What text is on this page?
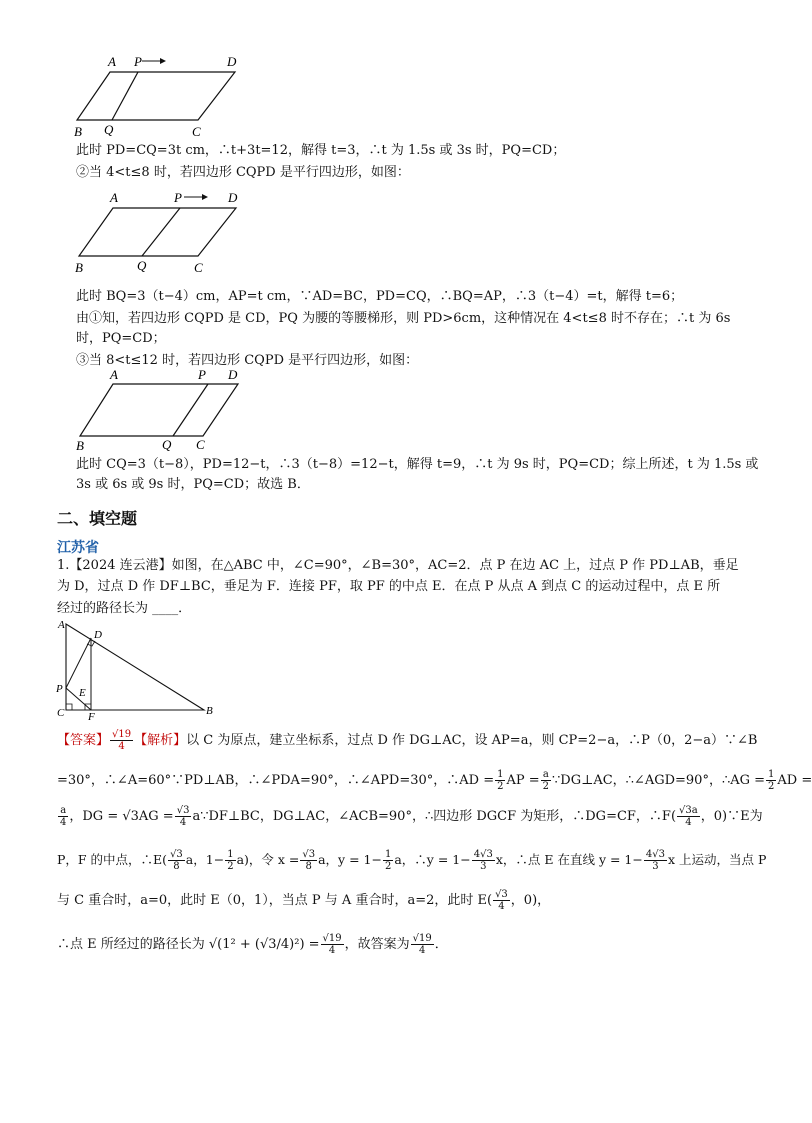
A P	D
B Q	C
此时 PD=CQ=3t cm，∴t+3t=12，解得 t=3，∴t 为 1.5s 或 3s 时，PQ=CD；
②当 4<t≤8 时，若四边形 CQPD 是平行四边形，如图：
A	P	D
B	Q	C
此时 BQ=3（t−4）cm，AP=t cm，∵AD=BC，PD=CQ，∴BQ=AP，∴3（t−4）=t，解得 t=6；
由①知，若四边形 CQPD 是 CD，PQ 为腰的等腰梯形，则 PD>6cm，这种情况在 4<t≤8 时不存在；∴t 为 6s
时，PQ=CD；
③当 8<t≤12 时，若四边形 CQPD 是平行四边形，如图：
A	P D
B	Q C
此时 CQ=3（t−8），PD=12−t，∴3（t−8）=12−t，解得 t=9，∴t 为 9s 时，PQ=CD；综上所述，t 为 1.5s 或
3s 或 6s 或 9s 时，PQ=CD；故选 B．
二、填空题
江苏省
1.【2024 连云港】如图，在△ABC 中，∠C=90°，∠B=30°，AC=2．点 P 在边 AC 上，过点 P 作 PD⊥AB，垂足
为 D，过点 D 作 DF⊥BC，垂足为 F．连接 PF，取 PF 的中点 E．在点 P 从点 A 到点 C 的运动过程中，点 E 所
经过的路径长为 ____．
A
D
P E
C F	B
【答案】 $\frac{√19}{4}$ 【解析】以 C 为原点，建立坐标系，过点 D 作 DG⊥AC，设 AP=a，则 CP=2−a，∴P（0，2−a）∵∠B
=30°，∴∠A=60°∵PD⊥AB，∴∠PDA=90°，∴∠APD=30°，∴AD = $\frac{1}{2}$ AP = $\frac{a}{2}$ ∵DG⊥AC，∴∠AGD=90°，∴AG = $\frac{1}{2}$ AD =
$\frac{a}{4}$ ，DG = $√3AG = \frac{√3}{4}$ a∵DF⊥BC，DG⊥AC，∠ACB=90°，∴四边形 DGCF 为矩形，∴DG=CF，∴F( $\frac{√3a}{4}$ ，0)∵E为
P，F 的中点，∴E( $\frac{√3}{8}$ a，$1- \frac{1}{2} a$)，令 $x = \frac{√3}{8}$ a，$y = 1- \frac{1}{2}$ a，∴y = $1- \frac{4√3}{3}$ x，∴点 E 在直线 $y = 1- \frac{4√3}{3}$ x 上运动，当点 P
与 C 重合时，a=0，此时 E（0，1），当点 P 与 A 重合时，a=2，此时 $E( \frac{√3}{4}$ ，0)，
∴点 E 所经过的路径长为 $√(1^2 + (√3/4)^2) = \frac{√19}{4}$ ，故答案为 $\frac{√19}{4}$ ．
